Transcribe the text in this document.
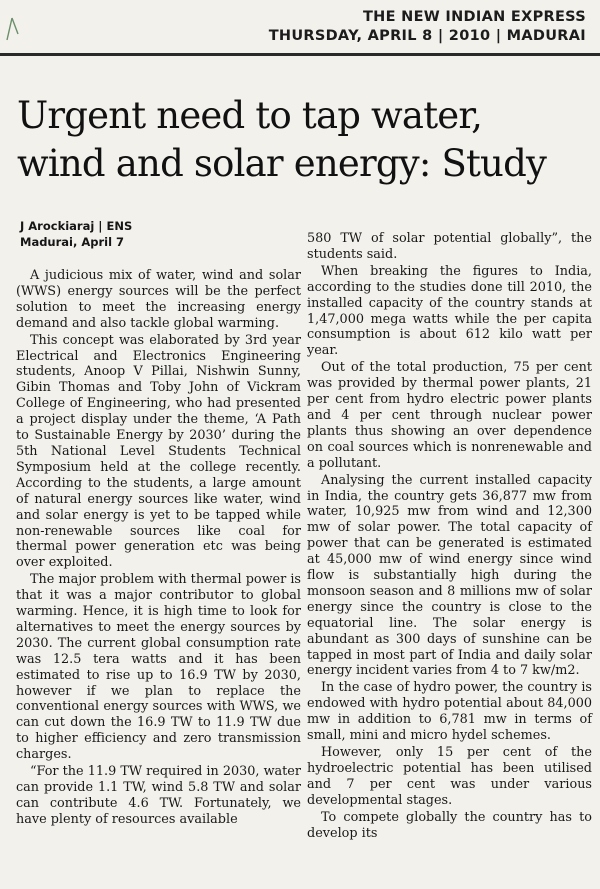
THE NEW INDIAN EXPRESS
THURSDAY, APRIL 8 | 2010 | MADURAI
Urgent need to tap water,
wind and solar energy: Study
J Arockiaraj | ENS
Madurai, April 7

A judicious mix of water, wind and solar (WWS) energy sources will be the perfect solution to meet the increasing energy demand and also tackle global warming.

This concept was elaborated by 3rd year Electrical and Electronics Engineering students, Anoop V Pillai, Nishwin Sunny, Gibin Thomas and Toby John of Vickram College of Engineering, who had presented a project display under the theme, ‘A Path to Sustainable Energy by 2030’ during the 5th National Level Students Technical Symposium held at the college recently. According to the students, a large amount of natural energy sources like water, wind and solar energy is yet to be tapped while non-renewable sources like coal for thermal power generation etc was being over exploited.

The major problem with thermal power is that it was a major contributor to global warming. Hence, it is high time to look for alternatives to meet the energy sources by 2030. The current global consumption rate was 12.5 tera watts and it has been estimated to rise up to 16.9 TW by 2030, however if we plan to replace the conventional energy sources with WWS, we can cut down the 16.9 TW to 11.9 TW due to higher efficiency and zero transmission charges.

“For the 11.9 TW required in 2030, water can provide 1.1 TW, wind 5.8 TW and solar can contribute 4.6 TW. Fortunately, we have plenty of resources available

580 TW of solar potential globally”, the students said.

When breaking the figures to India, according to the studies done till 2010, the installed capacity of the country stands at 1,47,000 mega watts while the per capita consumption is about 612 kilo watt per year.

Out of the total production, 75 per cent was provided by thermal power plants, 21 per cent from hydro electric power plants and 4 per cent through nuclear power plants thus showing an over dependence on coal sources which is nonrenewable and a pollutant.

Analysing the current installed capacity in India, the country gets 36,877 mw from water, 10,925 mw from wind and 12,300 mw of solar power. The total capacity of power that can be generated is estimated at 45,000 mw of wind energy since wind flow is substantially high during the monsoon season and 8 millions mw of solar energy since the country is close to the equatorial line. The solar energy is abundant as 300 days of sunshine can be tapped in most part of India and daily solar energy incident varies from 4 to 7 kw/m2.

In the case of hydro power, the country is endowed with hydro potential about 84,000 mw in addition to 6,781 mw in terms of small, mini and micro hydel schemes.

However, only 15 per cent of the hydroelectric potential has been utilised and 7 per cent was under various developmental stages.

To compete globally the country has to develop its
